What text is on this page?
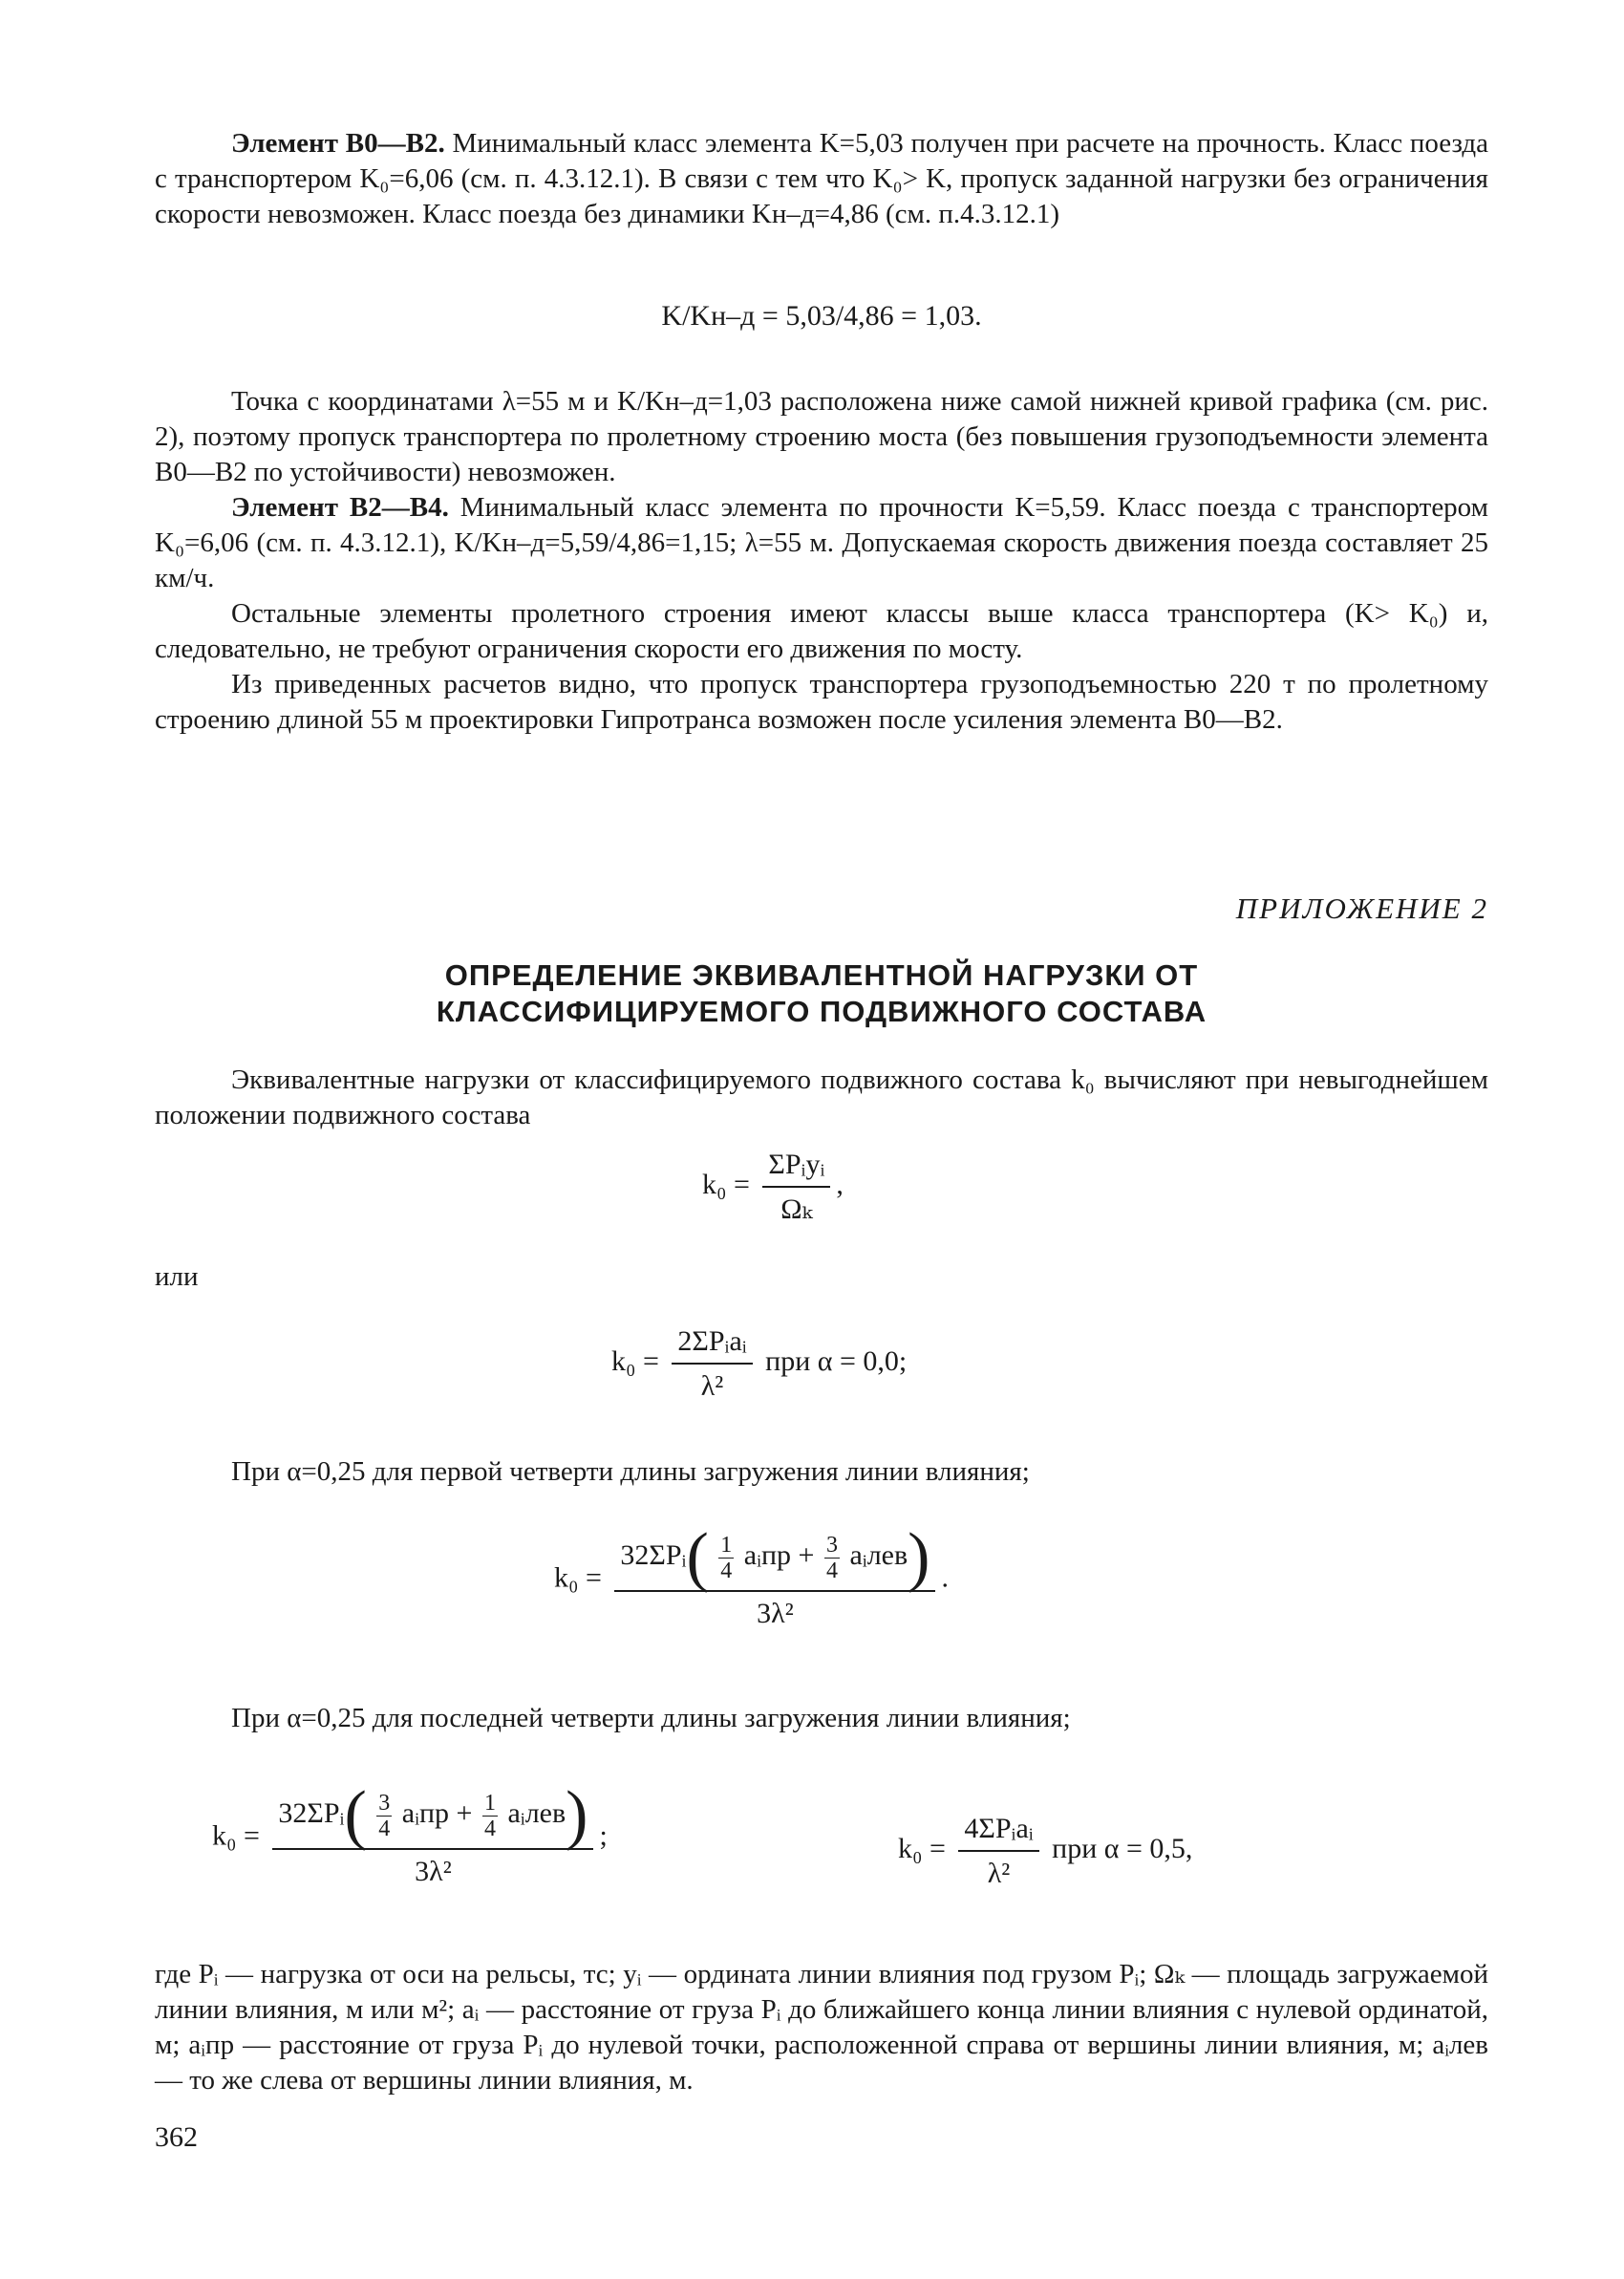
Элемент В0—В2. Минимальный класс элемента K=5,03 получен при расчете на прочность. Класс поезда с транспортером K₀=6,06 (см. п. 4.3.12.1). В связи с тем что K₀> K, пропуск заданной нагрузки без ограничения скорости невозможен. Класс поезда без динамики Kн–д=4,86 (см. п.4.3.12.1)

K/Kн–д = 5,03/4,86 = 1,03.

Точка с координатами λ=55 м и K/Kн–д=1,03 расположена ниже самой нижней кривой графика (см. рис. 2), поэтому пропуск транспортера по пролетному строению моста (без повышения грузоподъемности элемента В0—В2 по устойчивости) невозможен.

Элемент В2—В4. Минимальный класс элемента по прочности K=5,59. Класс поезда с транспортером K₀=6,06 (см. п. 4.3.12.1), K/Kн–д=5,59/4,86=1,15; λ=55 м. Допускаемая скорость движения поезда составляет 25 км/ч.

Остальные элементы пролетного строения имеют классы выше класса транспортера (K> K₀) и, следовательно, не требуют ограничения скорости его движения по мосту.

Из приведенных расчетов видно, что пропуск транспортера грузоподъемностью 220 т по пролетному строению длиной 55 м проектировки Гипротранса возможен после усиления элемента В0—В2.

ПРИЛОЖЕНИЕ 2
ОПРЕДЕЛЕНИЕ ЭКВИВАЛЕНТНОЙ НАГРУЗКИ ОТ
КЛАССИФИЦИРУЕМОГО ПОДВИЖНОГО СОСТАВА

Эквивалентные нагрузки от классифицируемого подвижного состава k₀ вычисляют при невыгоднейшем положении подвижного состава

$k_0 = \frac{\text{ΣPᵢyᵢ}}{\text{Ωₖ}}$ ,
или
$k_0 = \frac{\text{2ΣPᵢaᵢ}}{\text{λ²}}$ при α = 0,0;

При α=0,25 для первой четверти длины загружения линии влияния;

$k_0 = \frac{32\Sigma Pᵢ( \frac{1}{4} aᵢпр + \frac{3}{4} aᵢлев)}{\text{3λ²}}$ .

При α=0,25 для последней четверти длины загружения линии влияния;

$k_0 = \frac{32\Sigma Pᵢ( \frac{3}{4} aᵢпр + \frac{1}{4} aᵢлев)}{\text{3λ²}}$ ;	$k_0 = \frac{\text{4ΣPᵢaᵢ}}{\text{λ²}}$ при α = 0,5,

где Pᵢ — нагрузка от оси на рельсы, тс; yᵢ — ордината линии влияния под грузом Pᵢ; Ωₖ — площадь загружаемой линии влияния, м или м²; aᵢ — расстояние от груза Pᵢ до ближайшего конца линии влияния с нулевой ординатой, м; aᵢпр — расстояние от груза Pᵢ до нулевой точки, расположенной справа от вершины линии влияния, м; aᵢлев — то же слева от вершины линии влияния, м.

362
